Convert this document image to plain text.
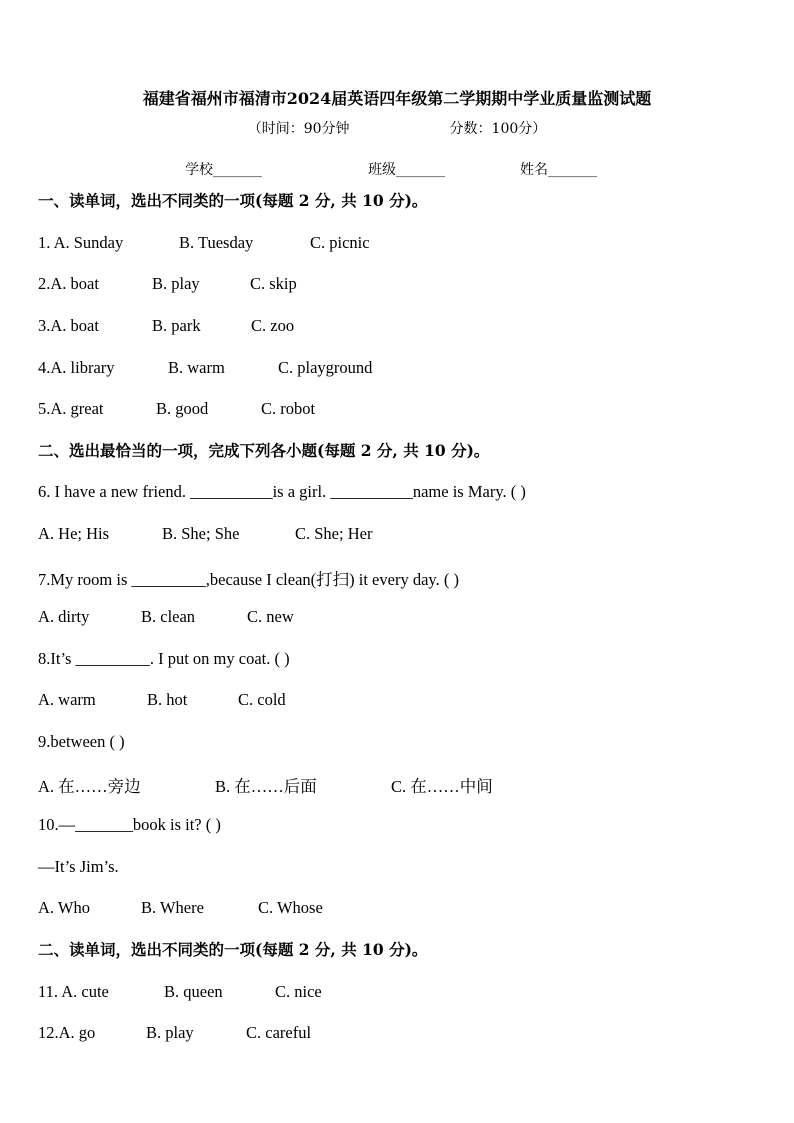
福建省福州市福清市2024届英语四年级第二学期期中学业质量监测试题
（时间：90分钟	分数：100分）
学校_______	班级_______	姓名_______
一、读单词，选出不同类的一项(每题 2 分, 共 10 分)。
1. A. Sunday	B. Tuesday	C. picnic
2.A. boat	B. play	C. skip
3.A. boat	B. park	C. zoo
4.A. library	B. warm	C. playground
5.A. great	B. good	C. robot
二、选出最恰当的一项，完成下列各小题(每题 2 分, 共 10 分)。
6. I have a new friend. __________is a girl. __________name is Mary. ( )
A. He; His	B. She; She	C. She; Her
7.My room is _________,because I clean(打扫) it every day. ( )
A. dirty	B. clean	C. new
8.It’s _________. I put on my coat. ( )
A. warm	B. hot	C. cold
9.between ( )
A. 在……旁边	B. 在……后面	C. 在……中间
10.—_______book is it? ( )
—It’s Jim’s.
A. Who	B. Where	C. Whose
二、读单词，选出不同类的一项(每题 2 分, 共 10 分)。
11. A. cute	B. queen	C. nice
12.A. go	B. play	C. careful
